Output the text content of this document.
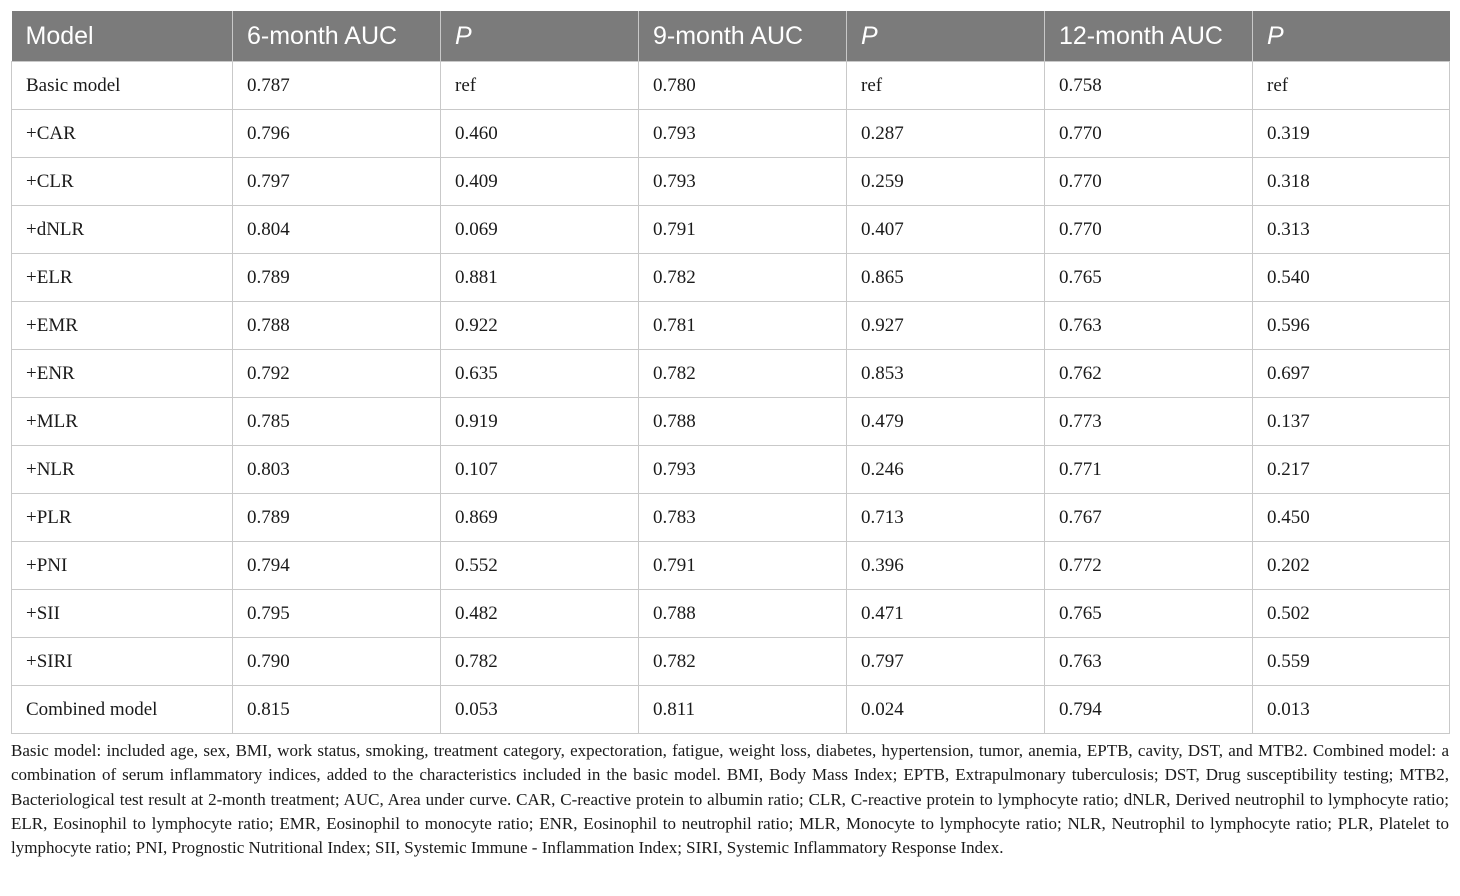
Model	6-month AUC	P	9-month AUC	P	12-month AUC	P
Basic model	0.787	ref	0.780	ref	0.758	ref
+CAR	0.796	0.460	0.793	0.287	0.770	0.319
+CLR	0.797	0.409	0.793	0.259	0.770	0.318
+dNLR	0.804	0.069	0.791	0.407	0.770	0.313
+ELR	0.789	0.881	0.782	0.865	0.765	0.540
+EMR	0.788	0.922	0.781	0.927	0.763	0.596
+ENR	0.792	0.635	0.782	0.853	0.762	0.697
+MLR	0.785	0.919	0.788	0.479	0.773	0.137
+NLR	0.803	0.107	0.793	0.246	0.771	0.217
+PLR	0.789	0.869	0.783	0.713	0.767	0.450
+PNI	0.794	0.552	0.791	0.396	0.772	0.202
+SII	0.795	0.482	0.788	0.471	0.765	0.502
+SIRI	0.790	0.782	0.782	0.797	0.763	0.559
Combined model	0.815	0.053	0.811	0.024	0.794	0.013
Basic model: included age, sex, BMI, work status, smoking, treatment category, expectoration, fatigue, weight loss, diabetes, hypertension, tumor, anemia, EPTB, cavity, DST, and MTB2. Combined model: a combination of serum inflammatory indices, added to the characteristics included in the basic model. BMI, Body Mass Index; EPTB, Extrapulmonary tuberculosis; DST, Drug susceptibility testing; MTB2, Bacteriological test result at 2-month treatment; AUC, Area under curve. CAR, C-reactive protein to albumin ratio; CLR, C-reactive protein to lymphocyte ratio; dNLR, Derived neutrophil to lymphocyte ratio; ELR, Eosinophil to lymphocyte ratio; EMR, Eosinophil to monocyte ratio; ENR, Eosinophil to neutrophil ratio; MLR, Monocyte to lymphocyte ratio; NLR, Neutrophil to lymphocyte ratio; PLR, Platelet to lymphocyte ratio; PNI, Prognostic Nutritional Index; SII, Systemic Immune - Inflammation Index; SIRI, Systemic Inflammatory Response Index.
